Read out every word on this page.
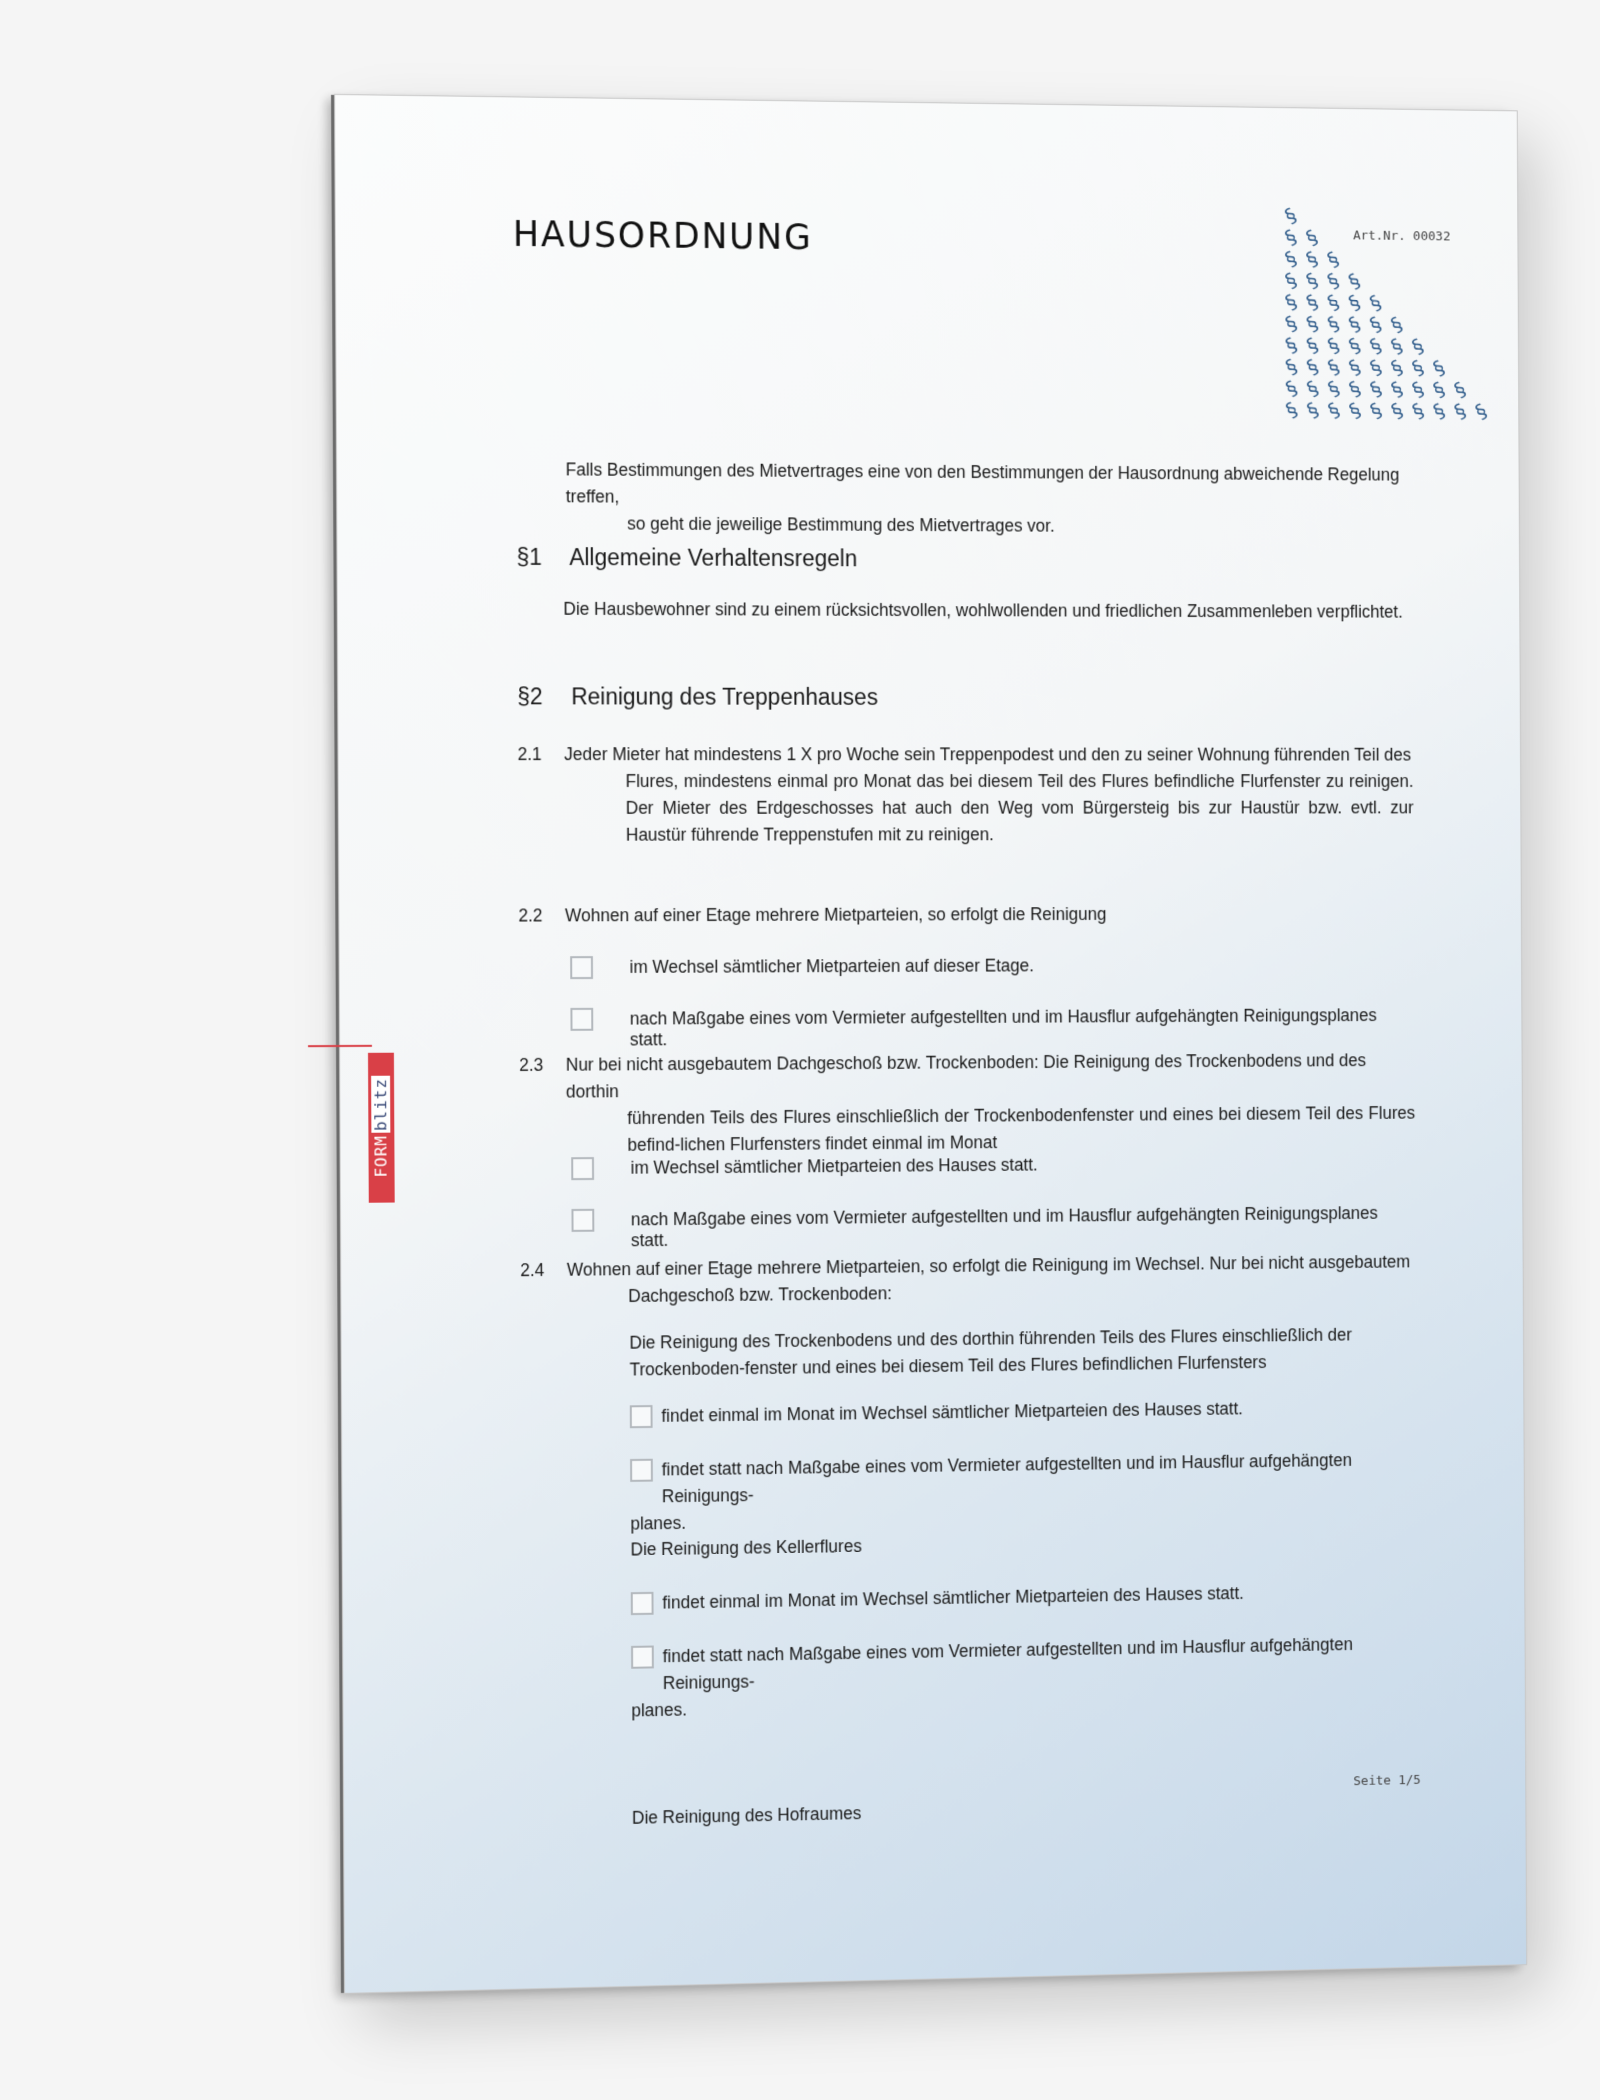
HAUSORDNUNG	Art.Nr. 00032
§
§ §
§ § §
§ § § §
§ § § § §
§ § § § § §
§ § § § § § §
§ § § § § § § §
§ § § § § § § § §
§ § § § § § § § § §
Falls Bestimmungen des Mietvertrages eine von den Bestimmungen der Hausordnung abweichende Regelung treffen,
so geht die jeweilige Bestimmung des Mietvertrages vor.
§1 Allgemeine Verhaltensregeln
Die Hausbewohner sind zu einem rücksichtsvollen, wohlwollenden und friedlichen Zusammenleben verpflichtet.
§2 Reinigung des Treppenhauses
2.1 Jeder Mieter hat mindestens 1 X pro Woche sein Treppenpodest und den zu seiner Wohnung führenden Teil des
Flures, mindestens einmal pro Monat das bei diesem Teil des Flures befindliche Flurfenster zu reinigen. Der Mieter des Erdgeschosses hat auch den Weg vom Bürgersteig bis zur Haustür bzw. evtl. zur Haustür führende Treppenstufen mit zu reinigen.
2.2 Wohnen auf einer Etage mehrere Mietparteien, so erfolgt die Reinigung
im Wechsel sämtlicher Mietparteien auf dieser Etage.
nach Maßgabe eines vom Vermieter aufgestellten und im Hausflur aufgehängten Reinigungsplanes statt.
2.3 Nur bei nicht ausgebautem Dachgeschoß bzw. Trockenboden: Die Reinigung des Trockenbodens und des dorthin
führenden Teils des Flures einschließlich der Trockenbodenfenster und eines bei diesem Teil des Flures befind-lichen Flurfensters findet einmal im Monat
im Wechsel sämtlicher Mietparteien des Hauses statt.
nach Maßgabe eines vom Vermieter aufgestellten und im Hausflur aufgehängten Reinigungsplanes statt.
2.4 Wohnen auf einer Etage mehrere Mietparteien, so erfolgt die Reinigung im Wechsel. Nur bei nicht ausgebautem
Dachgeschoß bzw. Trockenboden:
Die Reinigung des Trockenbodens und des dorthin führenden Teils des Flures einschließlich der Trockenboden-fenster und eines bei diesem Teil des Flures befindlichen Flurfensters
findet einmal im Monat im Wechsel sämtlicher Mietparteien des Hauses statt.
findet statt nach Maßgabe eines vom Vermieter aufgestellten und im Hausflur aufgehängten Reinigungs-
planes.
Die Reinigung des Kellerflures
findet einmal im Monat im Wechsel sämtlicher Mietparteien des Hauses statt.
findet statt nach Maßgabe eines vom Vermieter aufgestellten und im Hausflur aufgehängten Reinigungs-
planes.
Die Reinigung des Hofraumes
Seite 1/5
FORMblitz
